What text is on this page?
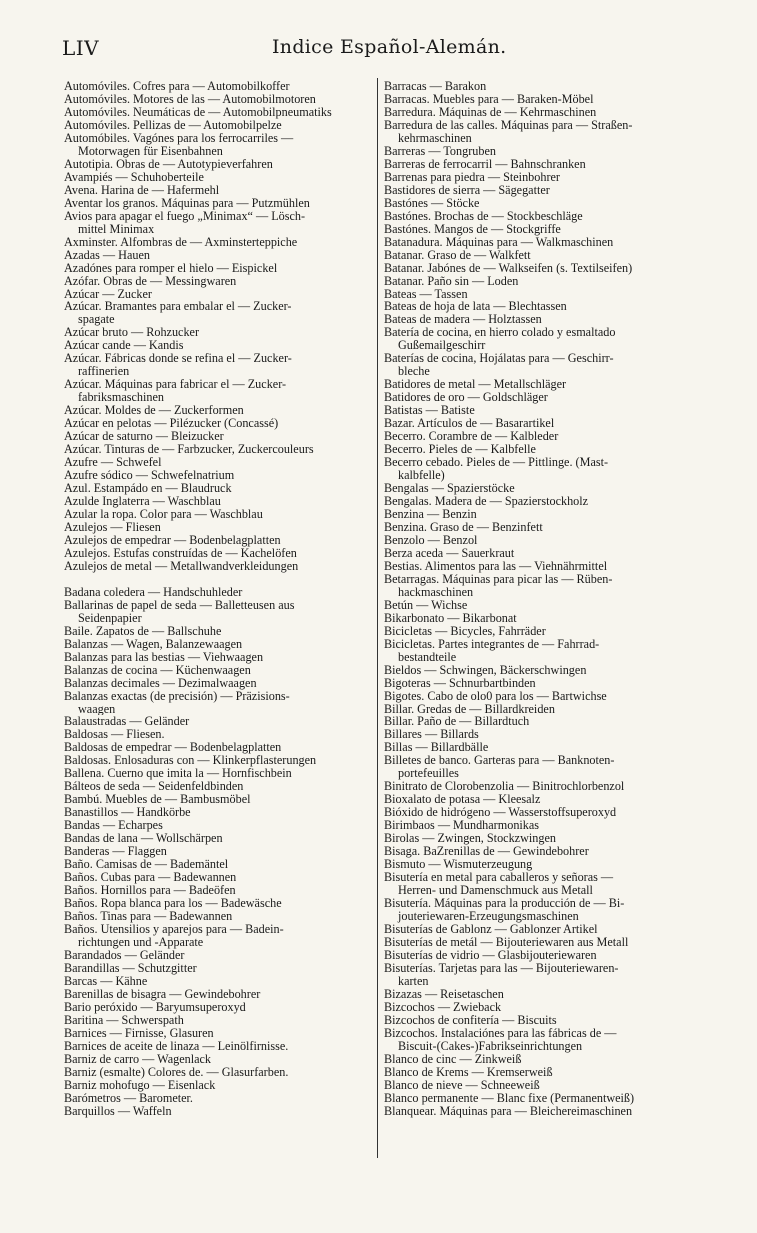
LIV	Indice Español-Alemán.
Automóviles. Cofres para — Automobilkoffer
Automóviles. Motores de las — Automobilmotoren
Automóviles. Neumáticas de — Automobilpneumatiks
Automóviles. Pellizas de — Automobilpelze
Automóbiles. Vagónes para los ferrocarriles —
Motorwagen für Eisenbahnen
Autotipia. Obras de — Autotypieverfahren
Avampiés — Schuhoberteile
Avena. Harina de — Hafermehl
Aventar los granos. Máquinas para — Putzmühlen
Avios para apagar el fuego „Minimax“ — Lösch-
mittel Minimax
Axminster. Alfombras de — Axminsterteppiche
Azadas — Hauen
Azadónes para romper el hielo — Eispickel
Azófar. Obras de — Messingwaren
Azúcar — Zucker
Azúcar. Bramantes para embalar el — Zucker-
spagate
Azúcar bruto — Rohzucker
Azúcar cande — Kandis
Azúcar. Fábricas donde se refina el — Zucker-
raffinerien
Azúcar. Máquinas para fabricar el — Zucker-
fabriksmaschinen
Azúcar. Moldes de — Zuckerformen
Azúcar en pelotas — Pilézucker (Concassé)
Azúcar de saturno — Bleizucker
Azúcar. Tinturas de — Farbzucker, Zuckercouleurs
Azufre — Schwefel
Azufre sódico — Schwefelnatrium
Azul. Estampádo en — Blaudruck
Azulde Inglaterra — Waschblau
Azular la ropa. Color para — Waschblau
Azulejos — Fliesen
Azulejos de empedrar — Bodenbelagplatten
Azulejos. Estufas construídas de — Kachelöfen
Azulejos de metal — Metallwandverkleidungen
Badana coledera — Handschuhleder
Ballarinas de papel de seda — Balletteusen aus
Seidenpapier
Baile. Zapatos de — Ballschuhe
Balanzas — Wagen, Balanzewaagen
Balanzas para las bestias — Viehwaagen
Balanzas de cocina — Küchenwaagen
Balanzas decimales — Dezimalwaagen
Balanzas exactas (de precisión) — Präzisions-
waagen
Balaustradas — Geländer
Baldosas — Fliesen.
Baldosas de empedrar — Bodenbelagplatten
Baldosas. Enlosaduras con — Klinkerpflasterungen
Ballena. Cuerno que imita la — Hornfischbein
Bálteos de seda — Seidenfeldbinden
Bambú. Muebles de — Bambusmöbel
Banastillos — Handkörbe
Bandas — Echarpes
Bandas de lana — Wollschärpen
Banderas — Flaggen
Baño. Camisas de — Bademäntel
Baños. Cubas para — Badewannen
Baños. Hornillos para — Badeöfen
Baños. Ropa blanca para los — Badewäsche
Baños. Tinas para — Badewannen
Baños. Utensilios y aparejos para — Badein-
richtungen und -Apparate
Barandados — Geländer
Barandillas — Schutzgitter
Barcas — Kähne
Barenillas de bisagra — Gewindebohrer
Bario peróxido — Baryumsuperoxyd
Baritina — Schwerspath
Barnices — Firnisse, Glasuren
Barnices de aceite de linaza — Leinölfirnisse.
Barniz de carro — Wagenlack
Barniz (esmalte) Colores de. — Glasurfarben.
Barniz mohofugo — Eisenlack
Barómetros — Barometer.
Barquillos — Waffeln
Barracas — Barakon
Barracas. Muebles para — Baraken-Möbel
Barredura. Máquinas de — Kehrmaschinen
Barredura de las calles. Máquinas para — Straßen-
kehrmaschinen
Barreras — Tongruben
Barreras de ferrocarril — Bahnschranken
Barrenas para piedra — Steinbohrer
Bastidores de sierra — Sägegatter
Bastónes — Stöcke
Bastónes. Brochas de — Stockbeschläge
Bastónes. Mangos de — Stockgriffe
Batanadura. Máquinas para — Walkmaschinen
Batanar. Graso de — Walkfett
Batanar. Jabónes de — Walkseifen (s. Textilseifen)
Batanar. Paño sin — Loden
Bateas — Tassen
Bateas de hoja de lata — Blechtassen
Bateas de madera — Holztassen
Batería de cocina, en hierro colado y esmaltado
Gußemailgeschirr
Baterías de cocina, Hojálatas para — Geschirr-
bleche
Batidores de metal — Metallschläger
Batidores de oro — Goldschläger
Batistas — Batiste
Bazar. Artículos de — Basarartikel
Becerro. Corambre de — Kalbleder
Becerro. Pieles de — Kalbfelle
Becerro cebado. Pieles de — Pittlinge. (Mast-
kalbfelle)
Bengalas — Spazierstöcke
Bengalas. Madera de — Spazierstockholz
Benzina — Benzin
Benzina. Graso de — Benzinfett
Benzolo — Benzol
Berza aceda — Sauerkraut
Bestias. Alimentos para las — Viehnährmittel
Betarragas. Máquinas para picar las — Rüben-
hackmaschinen
Betún — Wichse
Bikarbonato — Bikarbonat
Bicicletas — Bicycles, Fahrräder
Bicicletas. Partes integrantes de — Fahrrad-
bestandteile
Bieldos — Schwingen, Bäckerschwingen
Bigoteras — Schnurbartbinden
Bigotes. Cabo de olo0 para los — Bartwichse
Billar. Gredas de — Billardkreiden
Billar. Paño de — Billardtuch
Billares — Billards
Billas — Billardbälle
Billetes de banco. Garteras para — Banknoten-
portefeuilles
Binitrato de Clorobenzolia — Binitrochlorbenzol
Bioxalato de potasa — Kleesalz
Bióxido de hidrógeno — Wasserstoffsuperoxyd
Birimbaos — Mundharmonikas
Birolas — Zwingen, Stockzwingen
Bisaga. BaZrenillas de — Gewindebohrer
Bismuto — Wismuterzeugung
Bisutería en metal para caballeros y señoras —
Herren- und Damenschmuck aus Metall
Bisutería. Máquinas para la producción de — Bi-
jouteriewaren-Erzeugungsmaschinen
Bisuterías de Gablonz — Gablonzer Artikel
Bisuterías de metál — Bijouteriewaren aus Metall
Bisuterías de vidrio — Glasbijouteriewaren
Bisuterías. Tarjetas para las — Bijouteriewaren-
karten
Bizazas — Reisetaschen
Bizcochos — Zwieback
Bizcochos de confitería — Biscuits
Bizcochos. Instalaciónes para las fábricas de —
Biscuit-(Cakes-)Fabrikseinrichtungen
Blanco de cinc — Zinkweiß
Blanco de Krems — Kremserweiß
Blanco de nieve — Schneeweiß
Blanco permanente — Blanc fixe (Permanentweiß)
Blanquear. Máquinas para — Bleichereimaschinen
